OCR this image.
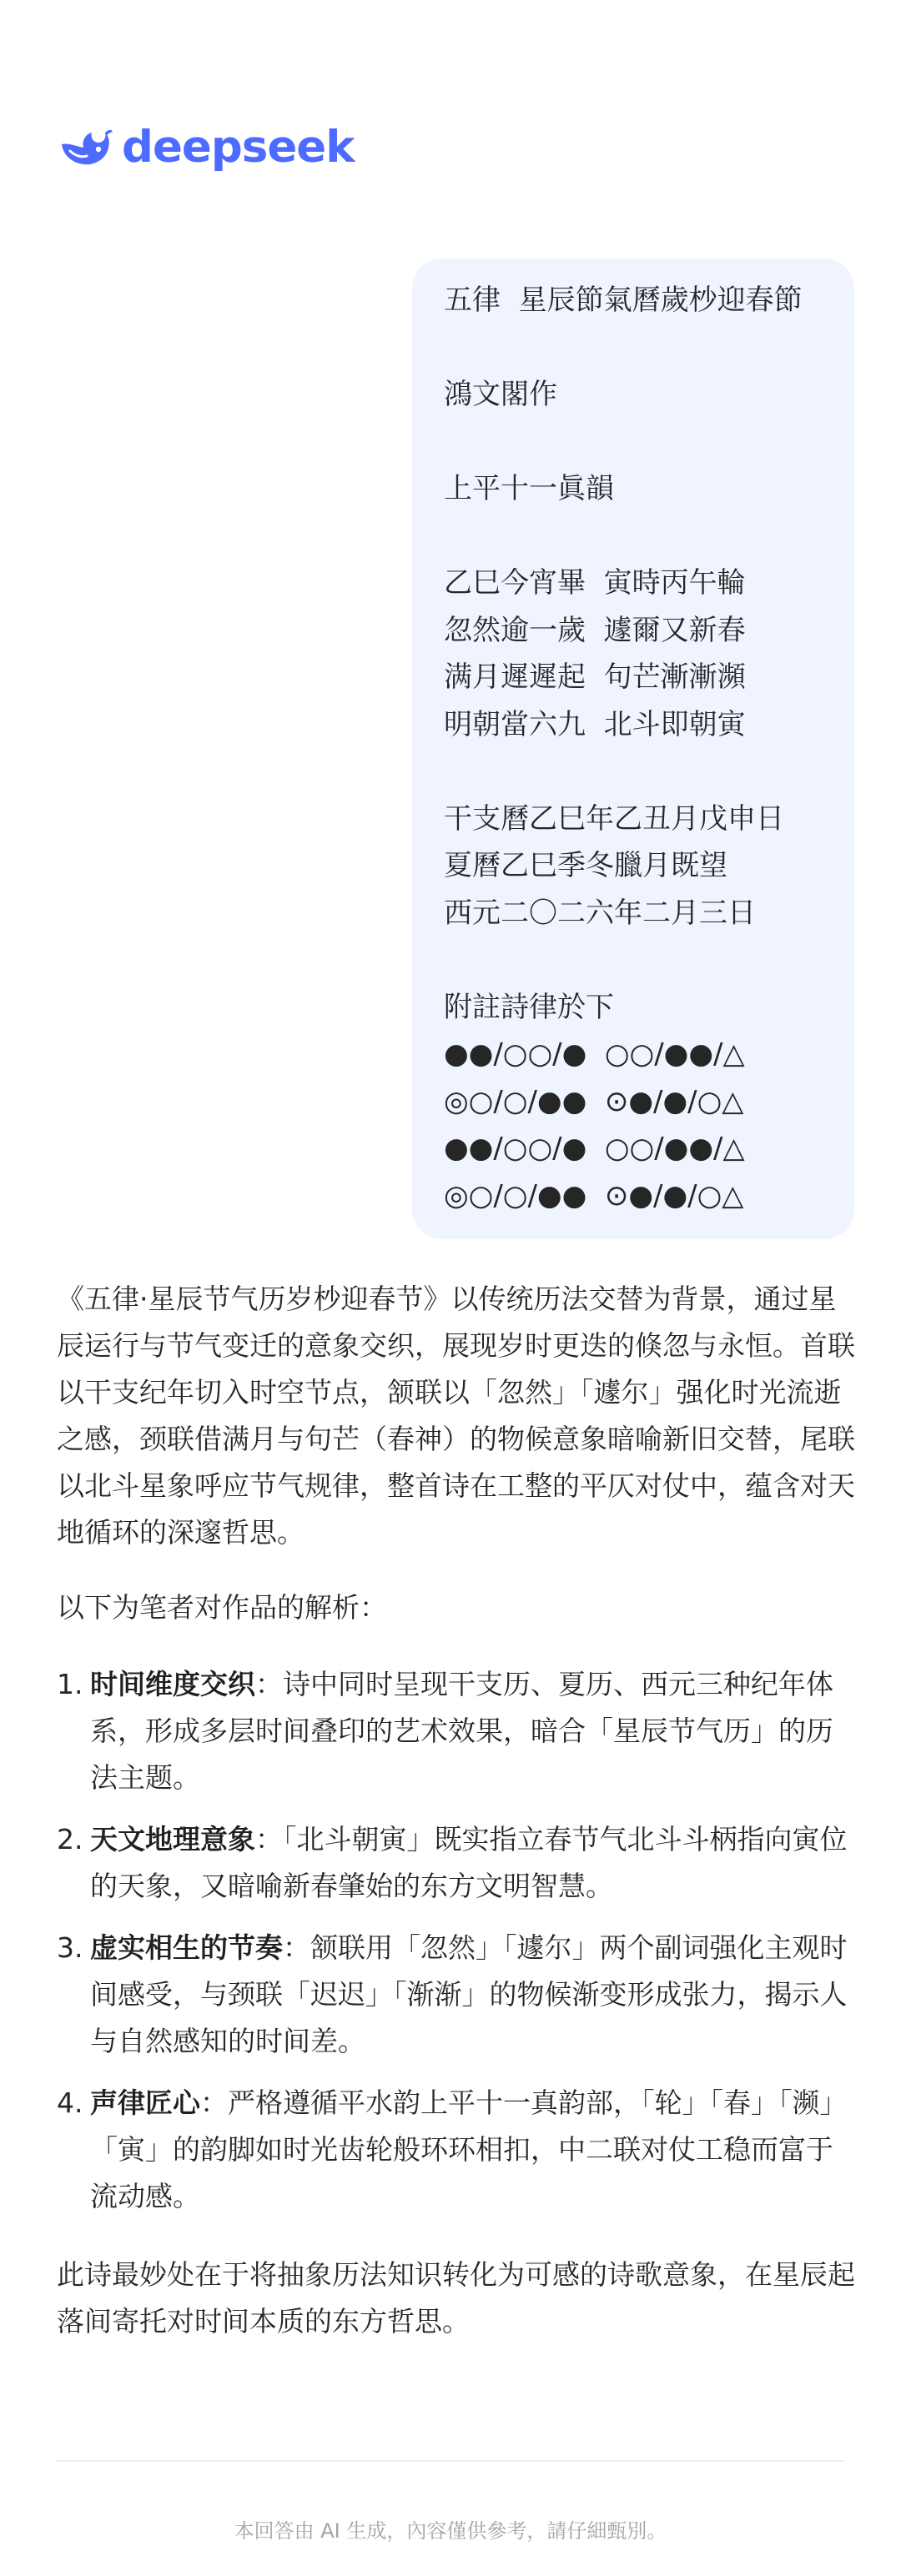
deepseek
五律  星辰節氣曆歲杪迎春節
鴻文閣作
上平十一眞韻
乙巳今宵畢  寅時丙午輪
忽然逾一歲  遽爾又新春
满月遲遲起  句芒漸漸瀕
明朝當六九  北斗即朝寅
干支曆乙巳年乙丑月戊申日
夏曆乙巳季冬臘月既望
西元二〇二六年二月三日
附註詩律於下
●●/○○/●  ○○/●●/△
◎○/○/●●  ⊙●/●/○△
●●/○○/●  ○○/●●/△
◎○/○/●●  ⊙●/●/○△

《五律·星辰节气历岁杪迎春节》以传统历法交替为背景，通过星辰运行与节气变迁的意象交织，展现岁时更迭的倏忽与永恒。首联以干支纪年切入时空节点，颔联以「忽然」「遽尔」强化时光流逝之感，颈联借满月与句芒（春神）的物候意象暗喻新旧交替，尾联以北斗星象呼应节气规律，整首诗在工整的平仄对仗中，蕴含对天地循环的深邃哲思。

以下为笔者对作品的解析：

1. 时间维度交织：诗中同时呈现干支历、夏历、西元三种纪年体系，形成多层时间叠印的艺术效果，暗合「星辰节气历」的历法主题。
2. 天文地理意象：「北斗朝寅」既实指立春节气北斗斗柄指向寅位的天象，又暗喻新春肇始的东方文明智慧。
3. 虚实相生的节奏：颔联用「忽然」「遽尔」两个副词强化主观时间感受，与颈联「迟迟」「渐渐」的物候渐变形成张力，揭示人与自然感知的时间差。
4. 声律匠心：严格遵循平水韵上平十一真韵部，「轮」「春」「濒」「寅」的韵脚如时光齿轮般环环相扣，中二联对仗工稳而富于流动感。

此诗最妙处在于将抽象历法知识转化为可感的诗歌意象，在星辰起落间寄托对时间本质的东方哲思。

本回答由 AI 生成，內容僅供參考，請仔細甄別。
